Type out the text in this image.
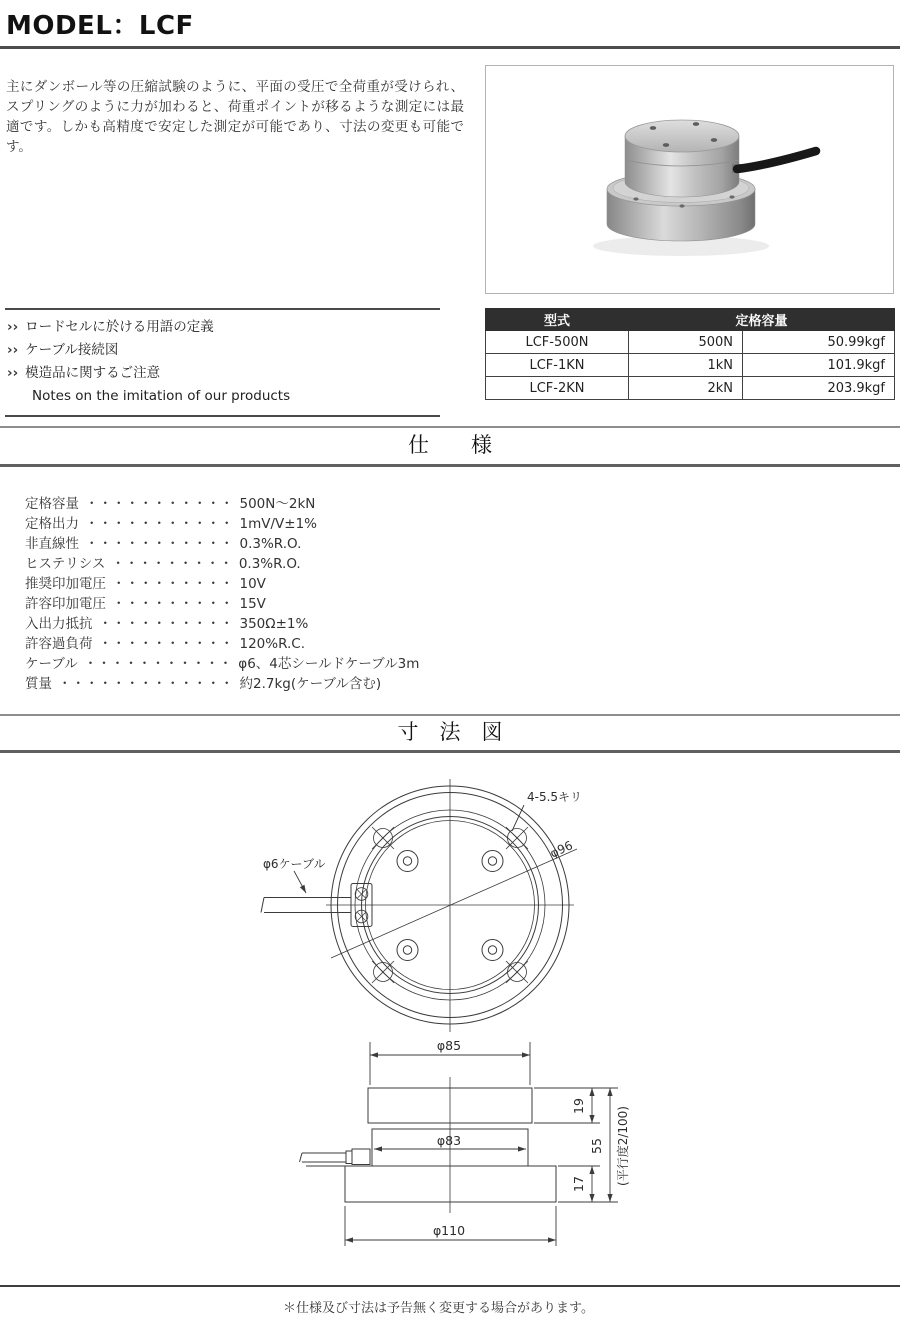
MODEL：LCF
主にダンボール等の圧縮試験のように、平面の受圧で全荷重が受けられ、スプリングのように力が加わると、荷重ポイントが移るような測定には最適です。しかも高精度で安定した測定が可能であり、寸法の変更も可能です。
›› ロードセルに於ける用語の定義
›› ケーブル接続図
›› 模造品に関するご注意
Notes on the imitation of our products
型式	定格容量	
LCF-500N	500N	50.99kgf
LCF-1KN	1kN	101.9kgf
LCF-2KN	2kN	203.9kgf
仕　　様
定格容量 ・・・・・・・・・・・ 500N～2kN
定格出力 ・・・・・・・・・・・ 1mV/V±1%
非直線性 ・・・・・・・・・・・ 0.3%R.O.
ヒステリシス ・・・・・・・・・ 0.3%R.O.
推奨印加電圧 ・・・・・・・・・ 10V
許容印加電圧 ・・・・・・・・・ 15V
入出力抵抗 ・・・・・・・・・・ 350Ω±1%
許容過負荷 ・・・・・・・・・・ 120%R.C.
ケーブル ・・・・・・・・・・・ φ6、4芯シールドケーブル3m
質量 ・・・・・・・・・・・・・ 約2.7kg(ケーブル含む)
寸　法　図
4-5.5キリ
φ96
φ6ケーブル
φ85
φ83
φ110
19
55
17	(平行度2/100)
＊仕様及び寸法は予告無く変更する場合があります。
